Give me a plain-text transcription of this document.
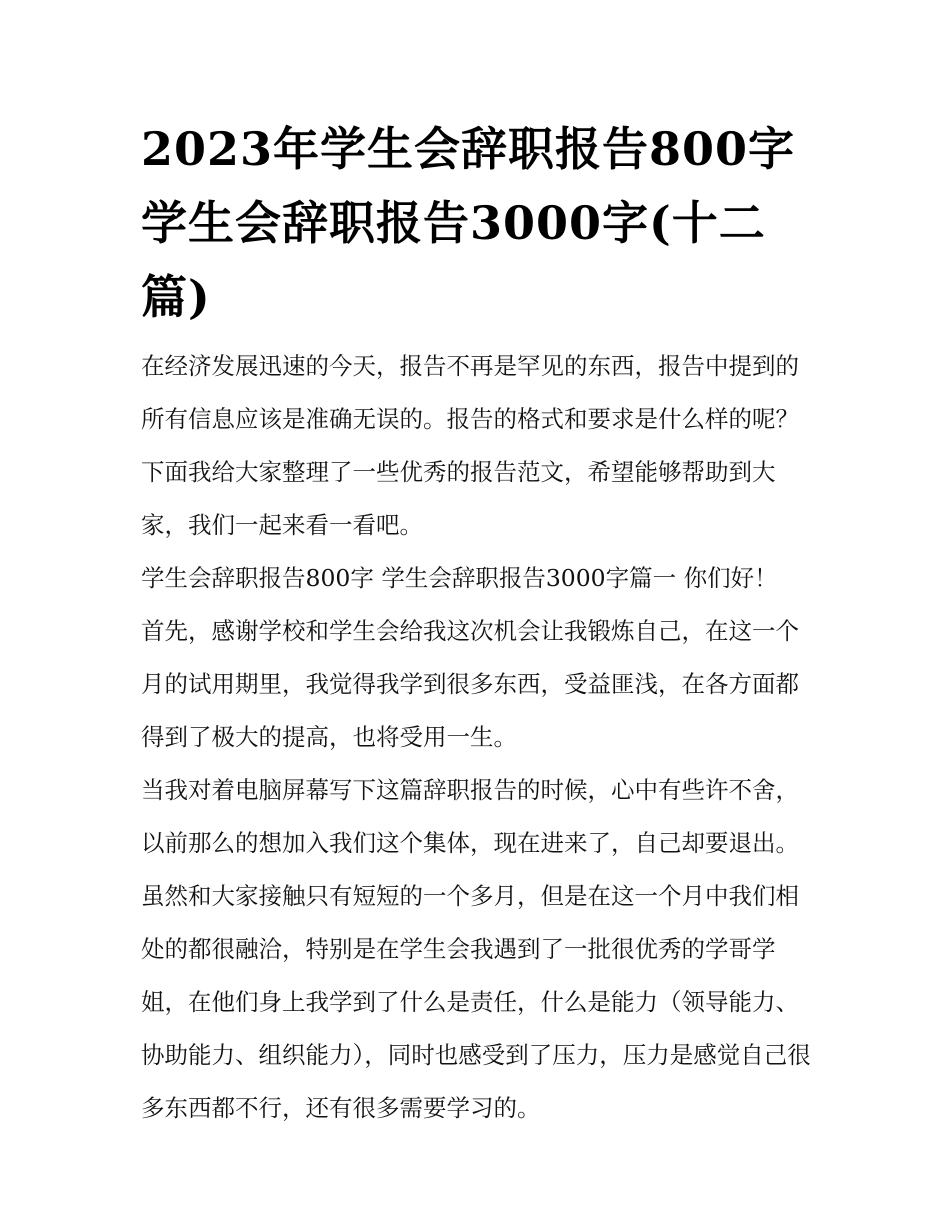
2023年学生会辞职报告800字 学生会辞职报告3000字(十二篇)

在经济发展迅速的今天，报告不再是罕见的东西，报告中提到的所有信息应该是准确无误的。报告的格式和要求是什么样的呢？下面我给大家整理了一些优秀的报告范文，希望能够帮助到大家，我们一起来看一看吧。

学生会辞职报告800字 学生会辞职报告3000字篇一 你们好！

首先，感谢学校和学生会给我这次机会让我锻炼自己，在这一个月的试用期里，我觉得我学到很多东西，受益匪浅，在各方面都得到了极大的提高，也将受用一生。

当我对着电脑屏幕写下这篇辞职报告的时候，心中有些许不舍，以前那么的想加入我们这个集体，现在进来了，自己却要退出。虽然和大家接触只有短短的一个多月，但是在这一个月中我们相处的都很融洽，特别是在学生会我遇到了一批很优秀的学哥学姐，在他们身上我学到了什么是责任，什么是能力（领导能力、协助能力、组织能力），同时也感受到了压力，压力是感觉自己很多东西都不行，还有很多需要学习的。
